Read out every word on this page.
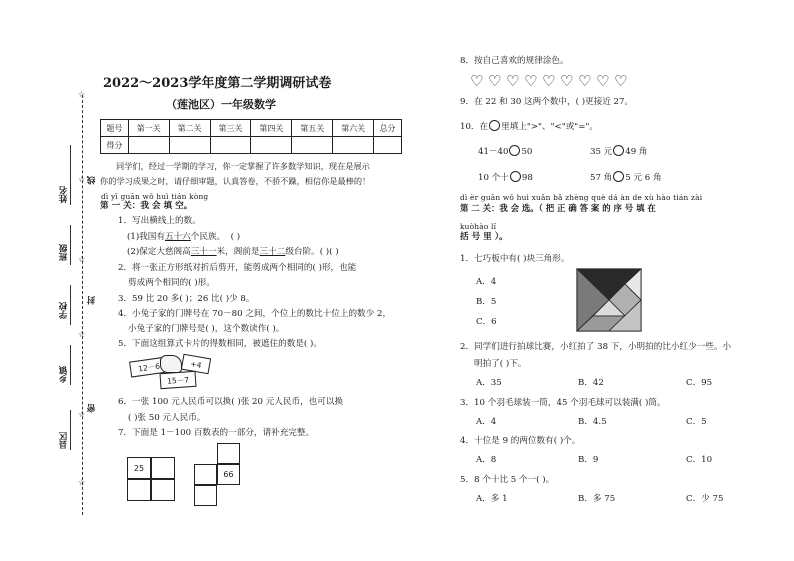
☆
☆
☆
☆
☆
☆
线
封
密
姓名
班级
学校
乡镇
县区
2022～2023学年度第二学期调研试卷
（莲池区）一年级数学
题号	第一关	第二关	第三关	第四关	第五关	第六关	总分
得分							
同学们，经过一学期的学习，你一定掌握了许多数学知识，现在是展示
你的学习成果之时，请仔细审题，认真答卷，不骄不躁，相信你是最棒的！
dì yī guān wǒ huì tián kòng
第 一 关：我 会 填 空。
1．写出横线上的数。
(1)我国有五十六个民族。 ( )
(2)保定大慈阁高三十一米，阁前是三十二级台阶。( )( )
2．将一张正方形纸对折后剪开，能剪成两个相同的( )形，也能
剪成两个相同的( )形。
3．59 比 20 多( )；26 比( )少 8。
4．小兔子家的门牌号在 70－80 之间，个位上的数比十位上的数少 2，
小兔子家的门牌号是( )，这个数读作( )。
5．下面这组算式卡片的得数相同，被遮住的数是( )。
12－6	+4
15－7
6．一张 100 元人民币可以换( )张 20 元人民币，也可以换
( )张 50 元人民币。
7．下面是 1－100 百数表的一部分，请补充完整。
25
66
8．按自己喜欢的规律涂色。
♡ ♡ ♡ ♡ ♡ ♡ ♡ ♡ ♡
9．在 22 和 30 这两个数中，( )更接近 27。
10．在 里填上">"、"<"或"="。
41－40 50	35 元 49 角
10 个十 98	57 角 5 元 6 角
dì èr guān wǒ huì xuǎn bǎ zhèng què dá àn de xù hào tián zài
第 二 关：我 会 选。（ 把 正 确 答 案 的 序 号 填 在
kuòhào lǐ
括 号 里 ）。
1．七巧板中有( )块三角形。
A．4
B．5
C．6
2．同学们进行拍球比赛，小红拍了 38 下，小明拍的比小红少一些。小
明拍了( )下。
A．35	B．42	C．95
3．10 个羽毛球装一筒，45 个羽毛球可以装满( )筒。
A．4	B．4.5	C．5
4．十位是 9 的两位数有( )个。
A．8	B．9	C．10
5．8 个十比 5 个一( )。
A．多 1	B．多 75	C．少 75
